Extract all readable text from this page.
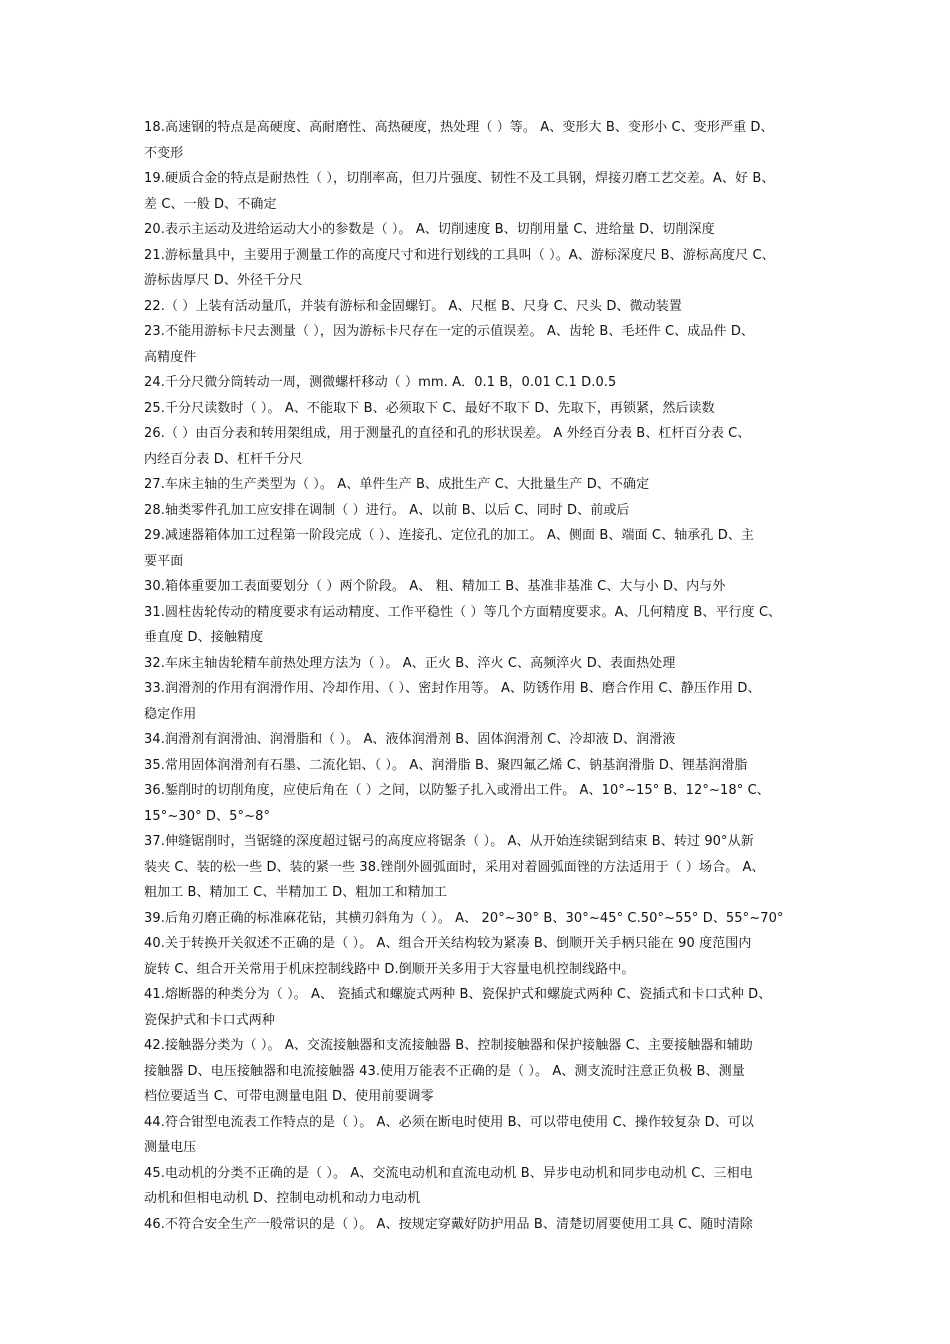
18.高速钢的特点是高硬度、高耐磨性、高热硬度，热处理（ ）等。 A、变形大 B、变形小 C、变形严重 D、
不变形
19.硬质合金的特点是耐热性（ ），切削率高，但刀片强度、韧性不及工具钢，焊接刃磨工艺交差。A、好 B、
差 C、一般 D、不确定
20.表示主运动及进给运动大小的参数是（ ）。 A、切削速度 B、切削用量 C、进给量 D、切削深度
21.游标量具中，主要用于测量工作的高度尺寸和进行划线的工具叫（ ）。A、游标深度尺 B、游标高度尺 C、
游标齿厚尺 D、外径千分尺
22.（ ）上装有活动量爪，并装有游标和金固螺钉。 A、尺框 B、尺身 C、尺头 D、微动装置
23.不能用游标卡尺去测量（ ），因为游标卡尺存在一定的示值误差。 A、齿轮 B、毛坯件 C、成品件 D、
高精度件
24.千分尺微分筒转动一周，测微螺杆移动（ ）mm. A．0.1 B，0.01 C.1 D.0.5
25.千分尺读数时（ ）。 A、不能取下 B、必须取下 C、最好不取下 D、先取下，再锁紧，然后读数
26.（ ）由百分表和转用架组成，用于测量孔的直径和孔的形状误差。 A 外经百分表 B、杠杆百分表 C、
内经百分表 D、杠杆千分尺
27.车床主轴的生产类型为（ ）。 A、单件生产 B、成批生产 C、大批量生产 D、不确定
28.轴类零件孔加工应安排在调制（ ）进行。 A、以前 B、以后 C、同时 D、前或后
29.减速器箱体加工过程第一阶段完成（ ）、连接孔、定位孔的加工。 A、侧面 B、端面 C、轴承孔 D、主
要平面
30.箱体重要加工表面要划分（ ）两个阶段。 A、 粗、精加工 B、基准非基准 C、大与小 D、内与外
31.圆柱齿轮传动的精度要求有运动精度、工作平稳性（ ）等几个方面精度要求。A、几何精度 B、平行度 C、
垂直度 D、接触精度
32.车床主轴齿轮精车前热处理方法为（ ）。 A、正火 B、淬火 C、高频淬火 D、表面热处理
33.润滑剂的作用有润滑作用、冷却作用、（ ）、密封作用等。 A、防锈作用 B、磨合作用 C、静压作用 D、
稳定作用
34.润滑剂有润滑油、润滑脂和（ ）。 A、液体润滑剂 B、固体润滑剂 C、冷却液 D、润滑液
35.常用固体润滑剂有石墨、二流化铝、（ ）。 A、润滑脂 B、聚四氟乙烯 C、钠基润滑脂 D、锂基润滑脂
36.錾削时的切削角度，应使后角在（ ）之间，以防錾子扎入或滑出工件。 A、10°~15° B、12°~18° C、
15°~30° D、5°~8°
37.伸缝锯削时，当锯缝的深度超过锯弓的高度应将锯条（ ）。 A、从开始连续锯到结束 B、转过 90°从新
装夹 C、装的松一些 D、装的紧一些 38.锉削外圆弧面时，采用对着圆弧面锉的方法适用于（ ）场合。 A、
粗加工 B、精加工 C、半精加工 D、粗加工和精加工
39.后角刃磨正确的标准麻花钻，其横刃斜角为（ ）。 A、 20°~30° B、30°~45° C.50°~55° D、55°~70°
40.关于转换开关叙述不正确的是（ ）。 A、组合开关结构较为紧凑 B、倒顺开关手柄只能在 90 度范围内
旋转 C、组合开关常用于机床控制线路中 D.倒顺开关多用于大容量电机控制线路中。
41.熔断器的种类分为（ ）。 A、 瓷插式和螺旋式两种 B、瓷保护式和螺旋式两种 C、瓷插式和卡口式种 D、
瓷保护式和卡口式两种
42.接触器分类为（ ）。 A、交流接触器和支流接触器 B、控制接触器和保护接触器 C、主要接触器和辅助
接触器 D、电压接触器和电流接触器 43.使用万能表不正确的是（ ）。 A、测支流时注意正负极 B、测量
档位要适当 C、可带电测量电阻 D、使用前要调零
44.符合钳型电流表工作特点的是（ ）。 A、必须在断电时使用 B、可以带电使用 C、操作较复杂 D、可以
测量电压
45.电动机的分类不正确的是（ ）。 A、交流电动机和直流电动机 B、异步电动机和同步电动机 C、三相电
动机和但相电动机 D、控制电动机和动力电动机
46.不符合安全生产一般常识的是（ ）。 A、按规定穿戴好防护用品 B、清楚切屑要使用工具 C、随时清除
